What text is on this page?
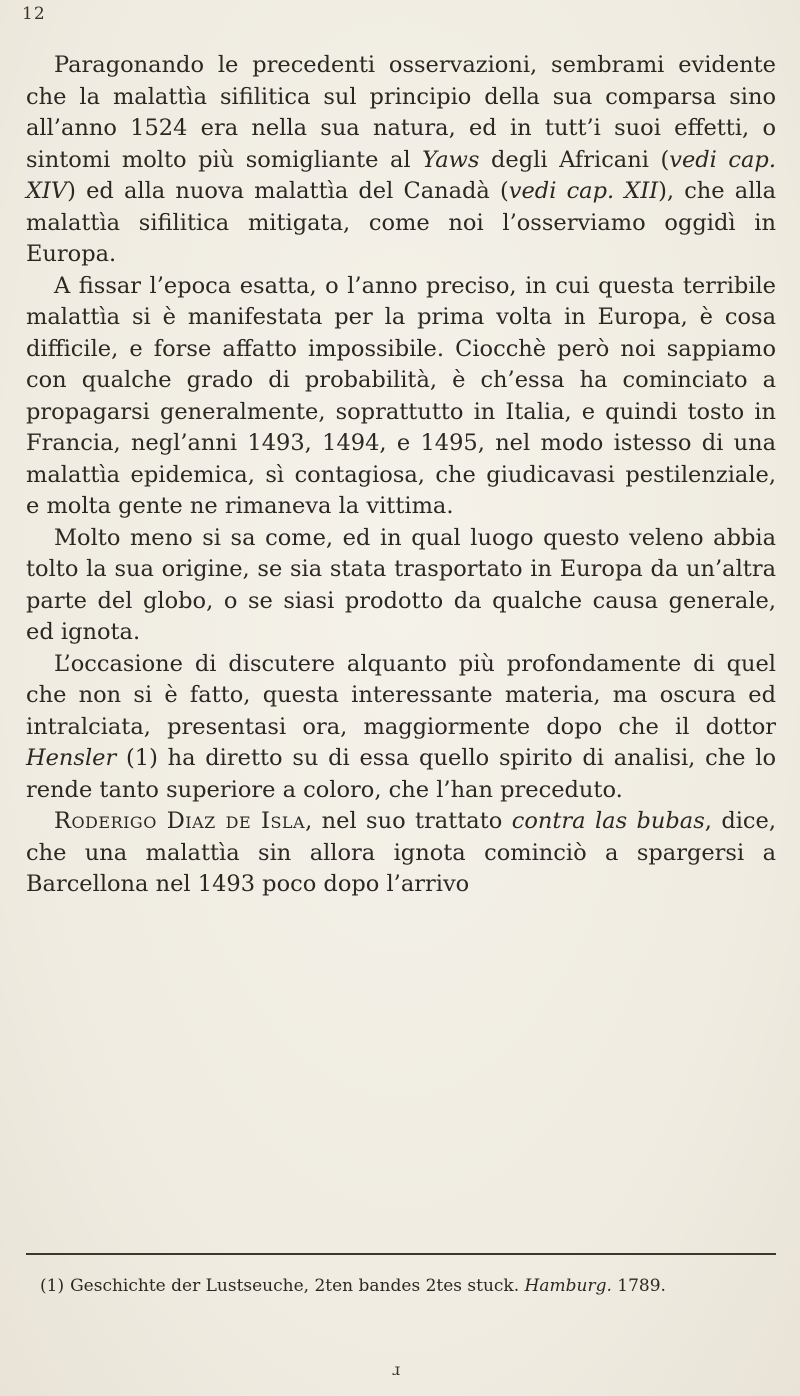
12

Paragonando le precedenti osservazioni, sembrami evidente che la malattìa sifilitica sul principio della sua comparsa sino all’anno 1524 era nella sua natura, ed in tutt’i suoi effetti, o sintomi molto più somigliante al Yaws degli Africani (vedi cap. XIV) ed alla nuova malattìa del Canadà (vedi cap. XII), che alla malattìa sifilitica mitigata, come noi l’osserviamo oggidì in Europa.

A fissar l’epoca esatta, o l’anno preciso, in cui questa terribile malattìa si è manifestata per la prima volta in Europa, è cosa difficile, e forse affatto impossibile. Ciocchè però noi sappiamo con qualche grado di probabilità, è ch’essa ha cominciato a propagarsi generalmente, soprattutto in Italia, e quindi tosto in Francia, negl’anni 1493, 1494, e 1495, nel modo istesso di una malattìa epidemica, sì contagiosa, che giudicavasi pestilenziale, e molta gente ne rimaneva la vittima.

Molto meno si sa come, ed in qual luogo questo veleno abbia tolto la sua origine, se sia stata trasportato in Europa da un’altra parte del globo, o se siasi prodotto da qualche causa generale, ed ignota.

L’occasione di discutere alquanto più profondamente di quel che non si è fatto, questa interessante materia, ma oscura ed intralciata, presentasi ora, maggiormente dopo che il dottor Hensler (1) ha diretto su di essa quello spirito di analisi, che lo rende tanto superiore a coloro, che l’han preceduto.

Roderigo Diaz de Isla, nel suo trattato contra las bubas, dice, che una malattìa sin allora ignota cominciò a spargersi a Barcellona nel 1493 poco dopo l’arrivo

(1) Geschichte der Lustseuche, 2ten bandes 2tes stuck. Hamburg. 1789.
ɹ
